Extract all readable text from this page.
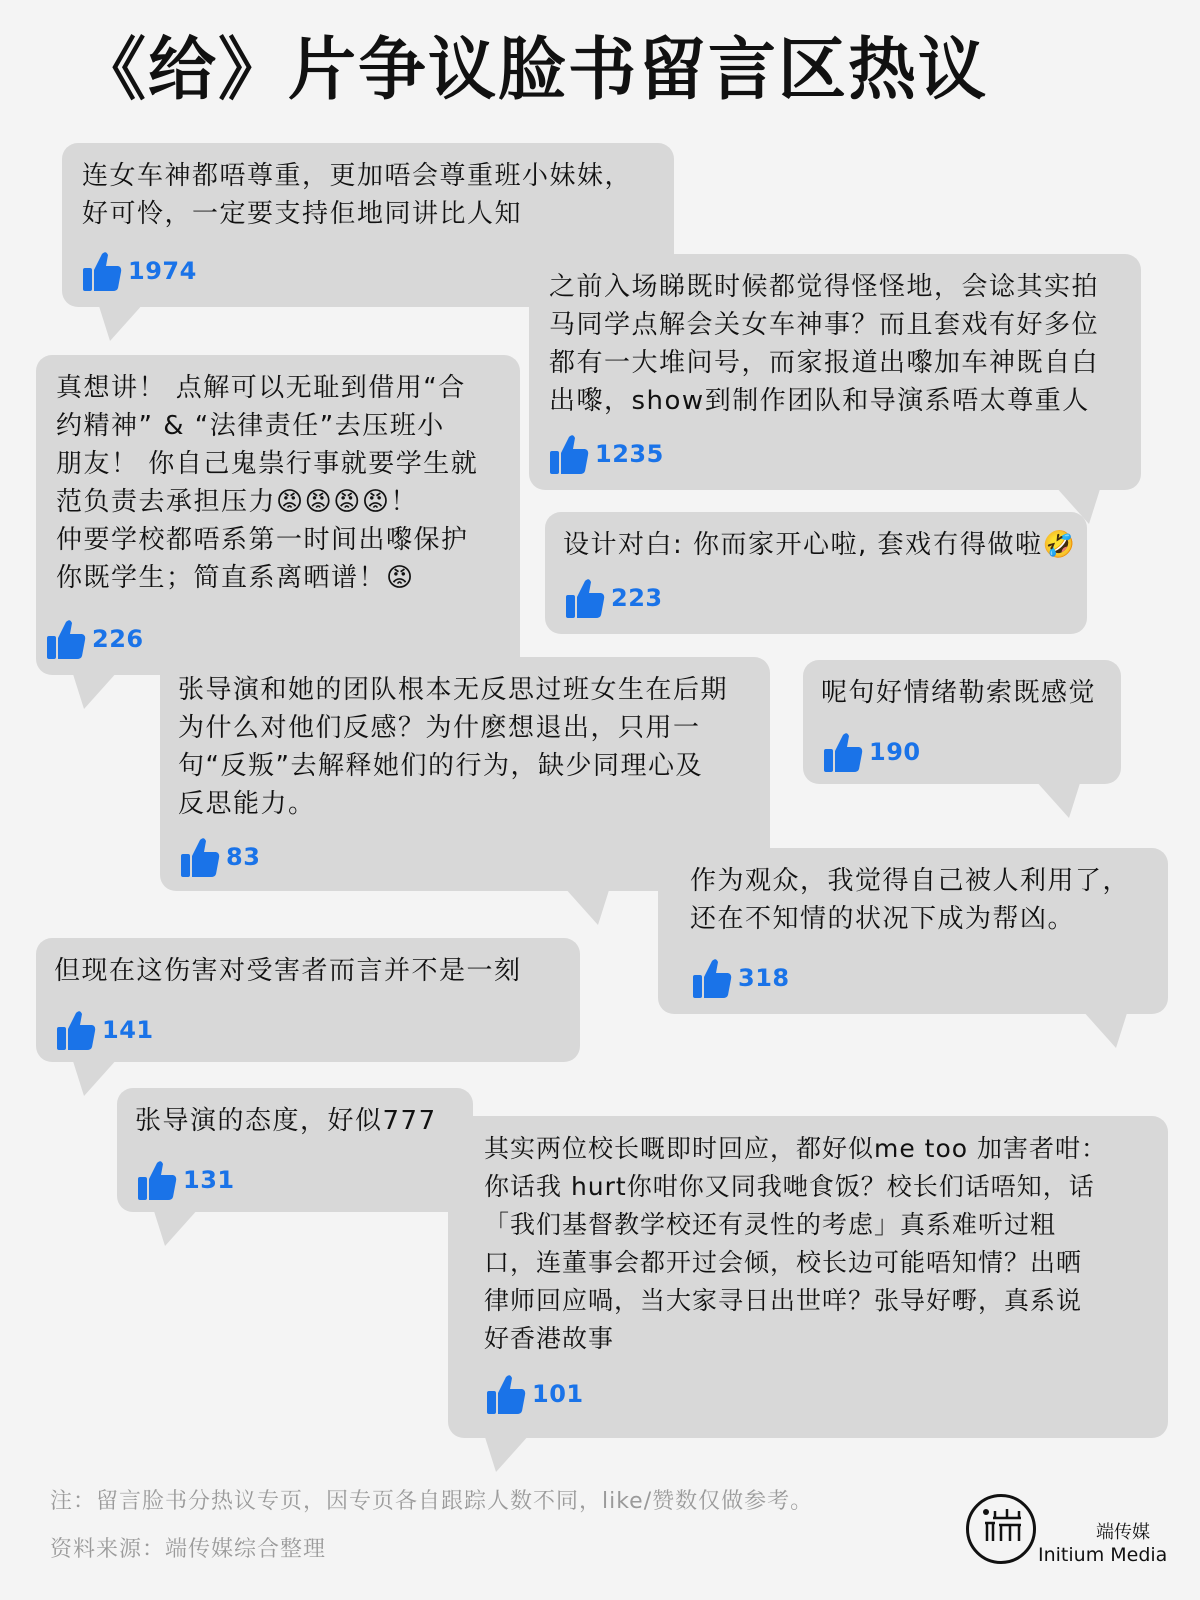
《给》片争议脸书留言区热议

连女车神都唔尊重，更加唔会尊重班小妹妹，
好可怜，一定要支持佢地同讲比人知

1974

之前入场睇既时候都觉得怪怪地，会谂其实拍
马同学点解会关女车神事？而且套戏有好多位
都有一大堆问号，而家报道出嚟加车神既自白
出嚟，show到制作团队和导演系唔太尊重人

1235

真想讲！ 点解可以无耻到借用“合
约精神” & “法律责任”去压班小
朋友！ 你自己鬼祟行事就要学生就
范负责去承担压力😡😡😡😡！
仲要学校都唔系第一时间出嚟保护
你既学生；简直系离晒谱！😡

226

设计对白: 你而家开心啦, 套戏冇得做啦🤣

223

张导演和她的团队根本无反思过班女生在后期
为什么对他们反感？为什麽想退出，只用一
句“反叛”去解释她们的行为，缺少同理心及
反思能力。

83

呢句好情绪勒索既感觉

190

作为观众，我觉得自己被人利用了，
还在不知情的状况下成为帮凶。

318

但现在这伤害对受害者而言并不是一刻

141

张导演的态度，好似777

131

其实两位校长嘅即时回应，都好似me too 加害者咁：
你话我 hurt你咁你又同我哋食饭？校长们话唔知，话
「我们基督教学校还有灵性的考虑」真系难听过粗
口，连董事会都开过会倾，校长边可能唔知情？出晒
律师回应喎，当大家寻日出世咩？张导好嘢，真系说
好香港故事

101
注：留言脸书分热议专页，因专页各自跟踪人数不同，like/赞数仅做参考。
资料来源：端传媒综合整理
端传媒
Initium Media
